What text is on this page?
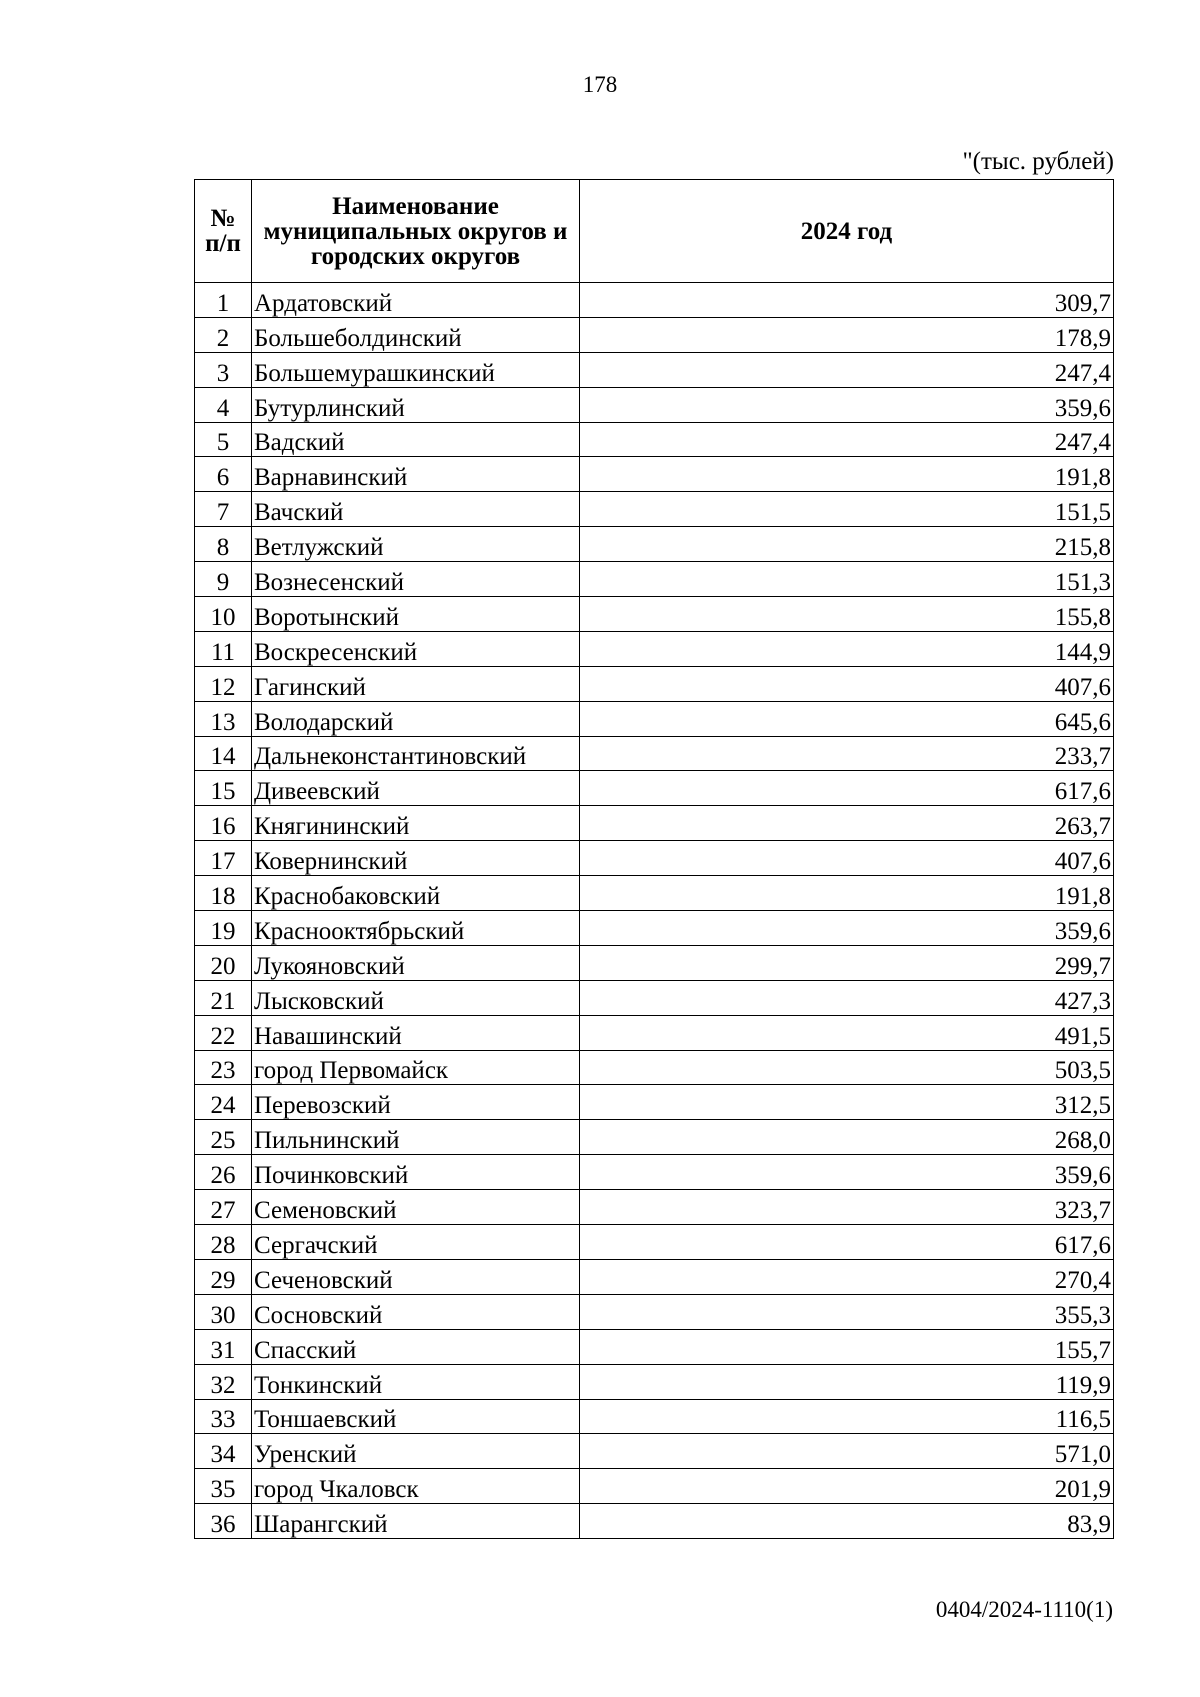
178
"(тыс. рублей)
№ п/п	Наименование муниципальных округов и городских округов	2024 год
1	Ардатовский	309,7
2	Большеболдинский	178,9
3	Большемурашкинский	247,4
4	Бутурлинский	359,6
5	Вадский	247,4
6	Варнавинский	191,8
7	Вачский	151,5
8	Ветлужский	215,8
9	Вознесенский	151,3
10	Воротынский	155,8
11	Воскресенский	144,9
12	Гагинский	407,6
13	Володарский	645,6
14	Дальнеконстантиновский	233,7
15	Дивеевский	617,6
16	Княгининский	263,7
17	Ковернинский	407,6
18	Краснобаковский	191,8
19	Краснооктябрьский	359,6
20	Лукояновский	299,7
21	Лысковский	427,3
22	Навашинский	491,5
23	город Первомайск	503,5
24	Перевозский	312,5
25	Пильнинский	268,0
26	Починковский	359,6
27	Семеновский	323,7
28	Сергачский	617,6
29	Сеченовский	270,4
30	Сосновский	355,3
31	Спасский	155,7
32	Тонкинский	119,9
33	Тоншаевский	116,5
34	Уренский	571,0
35	город Чкаловск	201,9
36	Шарангский	83,9
0404/2024-1110(1)
